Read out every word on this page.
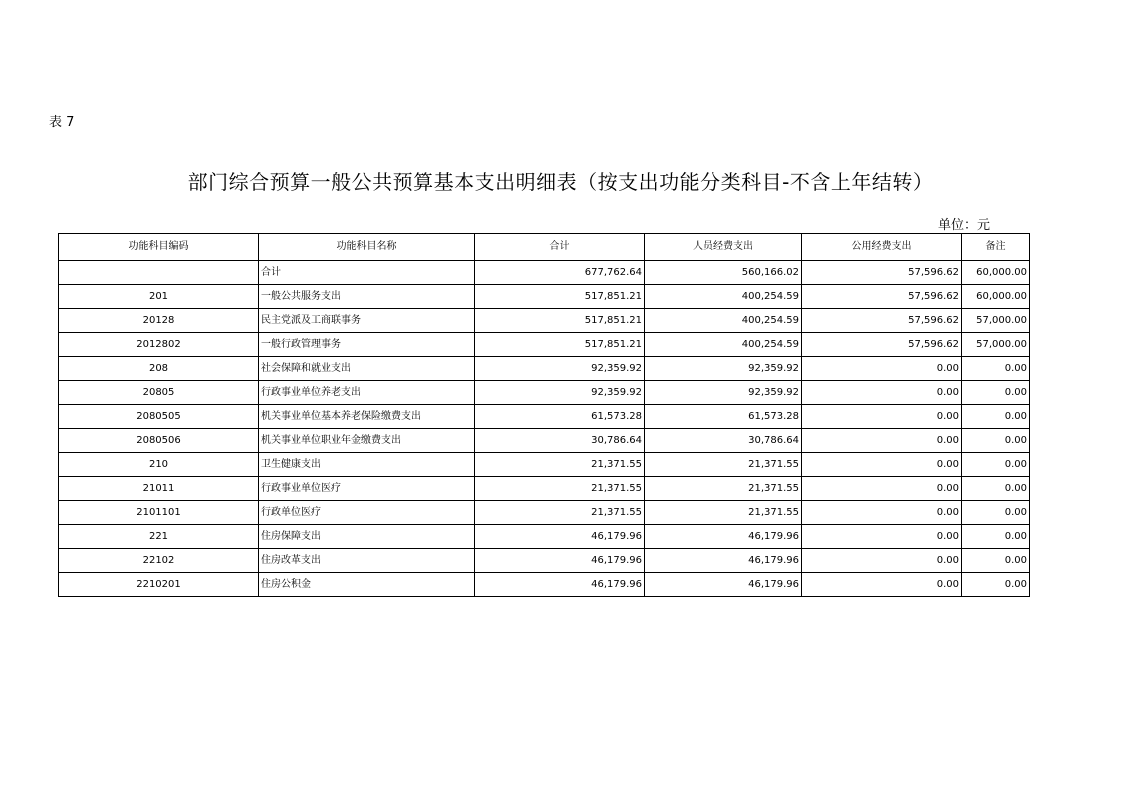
表 7
部门综合预算一般公共预算基本支出明细表（按支出功能分类科目-不含上年结转）
单位：元
功能科目编码	功能科目名称	合计	人员经费支出	公用经费支出	备注
	合计	677,762.64	560,166.02	57,596.62	60,000.00
201	一般公共服务支出	517,851.21	400,254.59	57,596.62	60,000.00
20128	民主党派及工商联事务	517,851.21	400,254.59	57,596.62	57,000.00
2012802	一般行政管理事务	517,851.21	400,254.59	57,596.62	57,000.00
208	社会保障和就业支出	92,359.92	92,359.92	0.00	0.00
20805	行政事业单位养老支出	92,359.92	92,359.92	0.00	0.00
2080505	机关事业单位基本养老保险缴费支出	61,573.28	61,573.28	0.00	0.00
2080506	机关事业单位职业年金缴费支出	30,786.64	30,786.64	0.00	0.00
210	卫生健康支出	21,371.55	21,371.55	0.00	0.00
21011	行政事业单位医疗	21,371.55	21,371.55	0.00	0.00
2101101	行政单位医疗	21,371.55	21,371.55	0.00	0.00
221	住房保障支出	46,179.96	46,179.96	0.00	0.00
22102	住房改革支出	46,179.96	46,179.96	0.00	0.00
2210201	住房公积金	46,179.96	46,179.96	0.00	0.00
